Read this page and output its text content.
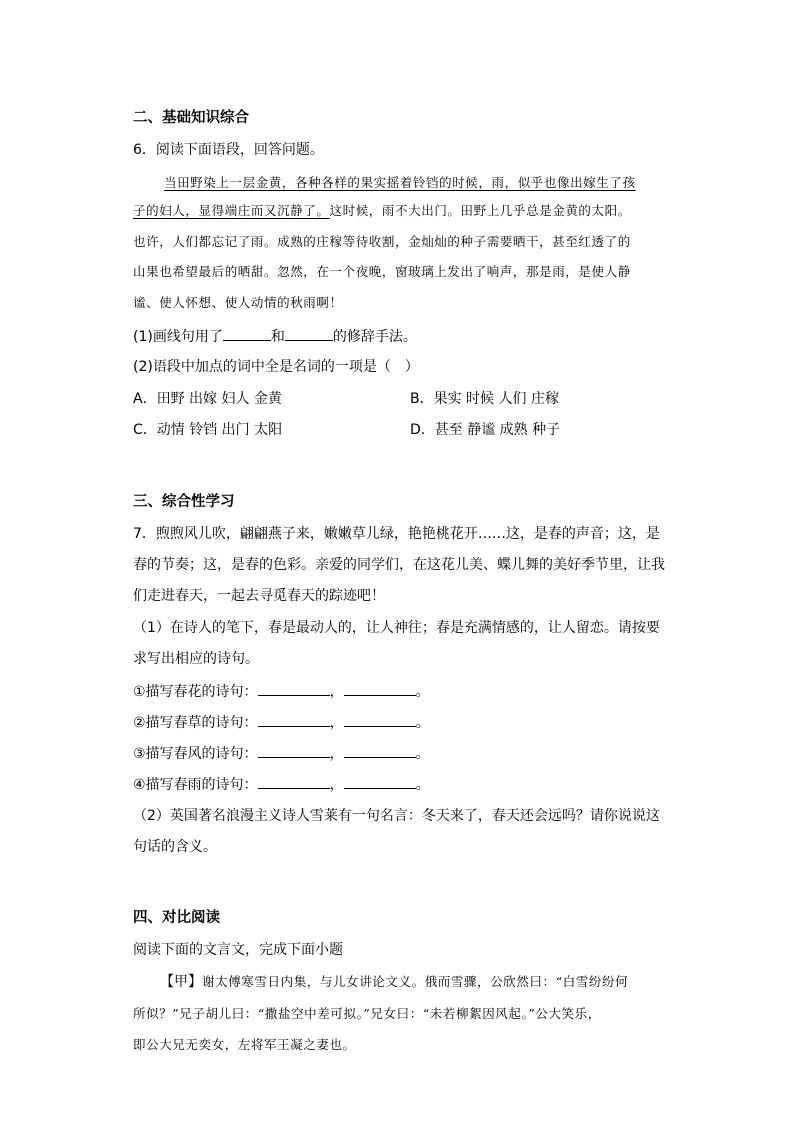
二、基础知识综合
6．阅读下面语段，回答问题。
当田野染上一层金黄，各种各样的果实摇着铃铛的时候，雨，似乎也像出嫁生了孩
子的妇人，显得端庄而又沉静了。这时候，雨不大出门。田野上几乎总是金黄的太阳。
也许，人们都忘记了雨。成熟的庄稼等待收割，金灿灿的种子需要晒干，甚至红透了的
山果也希望最后的晒甜。忽然，在一个夜晚，窗玻璃上发出了响声，那是雨，是使人静
谧、使人怀想、使人动情的秋雨啊！
(1)画线句用了	和	的修辞手法。
(2)语段中加点的词中全是名词的一项是（　）
A．田野 出嫁 妇人 金黄	B．果实 时候 人们 庄稼
C．动情 铃铛 出门 太阳	D．甚至 静谧 成熟 种子
三、综合性学习
7．煦煦风儿吹，翩翩燕子来，嫩嫩草儿绿，艳艳桃花开……这，是春的声音；这，是
春的节奏；这，是春的色彩。亲爱的同学们，在这花儿美、蝶儿舞的美好季节里，让我
们走进春天，一起去寻觅春天的踪迹吧！
（1）在诗人的笔下，春是最动人的，让人神往；春是充满情感的，让人留恋。请按要
求写出相应的诗句。
①描写春花的诗句：	，	。
②描写春草的诗句：	，	。
③描写春风的诗句：	，	。
④描写春雨的诗句：	，	。
（2）英国著名浪漫主义诗人雪莱有一句名言：冬天来了，春天还会远吗？请你说说这
句话的含义。
四、对比阅读
阅读下面的文言文，完成下面小题
【甲】谢太傅寒雪日内集，与儿女讲论文义。俄而雪骤，公欣然曰：“白雪纷纷何
所似？”兄子胡儿曰：“撒盐空中差可拟。”兄女曰：“未若柳絮因风起。”公大笑乐，
即公大兄无奕女，左将军王凝之妻也。
